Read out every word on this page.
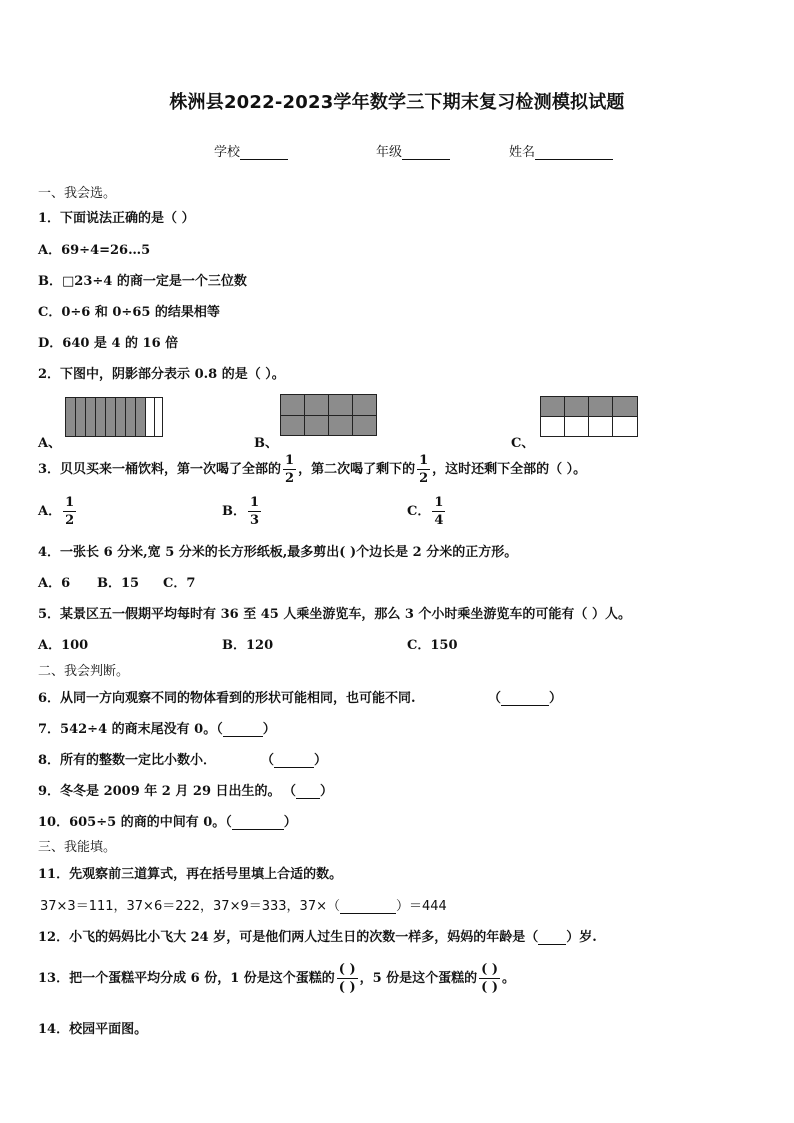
株洲县2022-2023学年数学三下期末复习检测模拟试题
学校	年级	姓名
一、我会选。
1．下面说法正确的是（ ）
A．69÷4=26…5
B．□23÷4 的商一定是一个三位数
C．0÷6 和 0÷65 的结果相等
D．640 是 4 的 16 倍
2．下图中，阴影部分表示 0.8 的是（ ）。
A、	B、	C、
3．贝贝买来一桶饮料，第一次喝了全部的 $\frac{1}{2}$ ，第二次喝了剩下的 $\frac{1}{2}$ ，这时还剩下全部的（ ）。
A． $\frac{1}{2}$	B． $\frac{1}{3}$	C． $\frac{1}{4}$
4．一张长 6 分米,宽 5 分米的长方形纸板,最多剪出( )个边长是 2 分米的正方形。
A．6 B．15 C．7
5．某景区五一假期平均每时有 36 至 45 人乘坐游览车，那么 3 个小时乘坐游览车的可能有（ ）人。
A．100	B．120	C．150
二、我会判断。
6．从同一方向观察不同的物体看到的形状可能相同，也可能不同.	（	）
7．542÷4 的商末尾没有 0。（	）
8．所有的整数一定比小数小．	（	）
9．冬冬是 2009 年 2 月 29 日出生的。 （ ）
10．605÷5 的商的中间有 0。（	）
三、我能填。
11．先观察前三道算式，再在括号里填上合适的数。
37×3＝111，37×6＝222，37×9＝333，37×（	）＝444
12．小飞的妈妈比小飞大 24 岁，可是他们两人过生日的次数一样多，妈妈的年龄是（ ）岁.
13．把一个蛋糕平均分成 6 份，1 份是这个蛋糕的 $\frac{( )}{( )}$ ，5 份是这个蛋糕的 $\frac{( )}{( )}$ 。
14．校园平面图。
